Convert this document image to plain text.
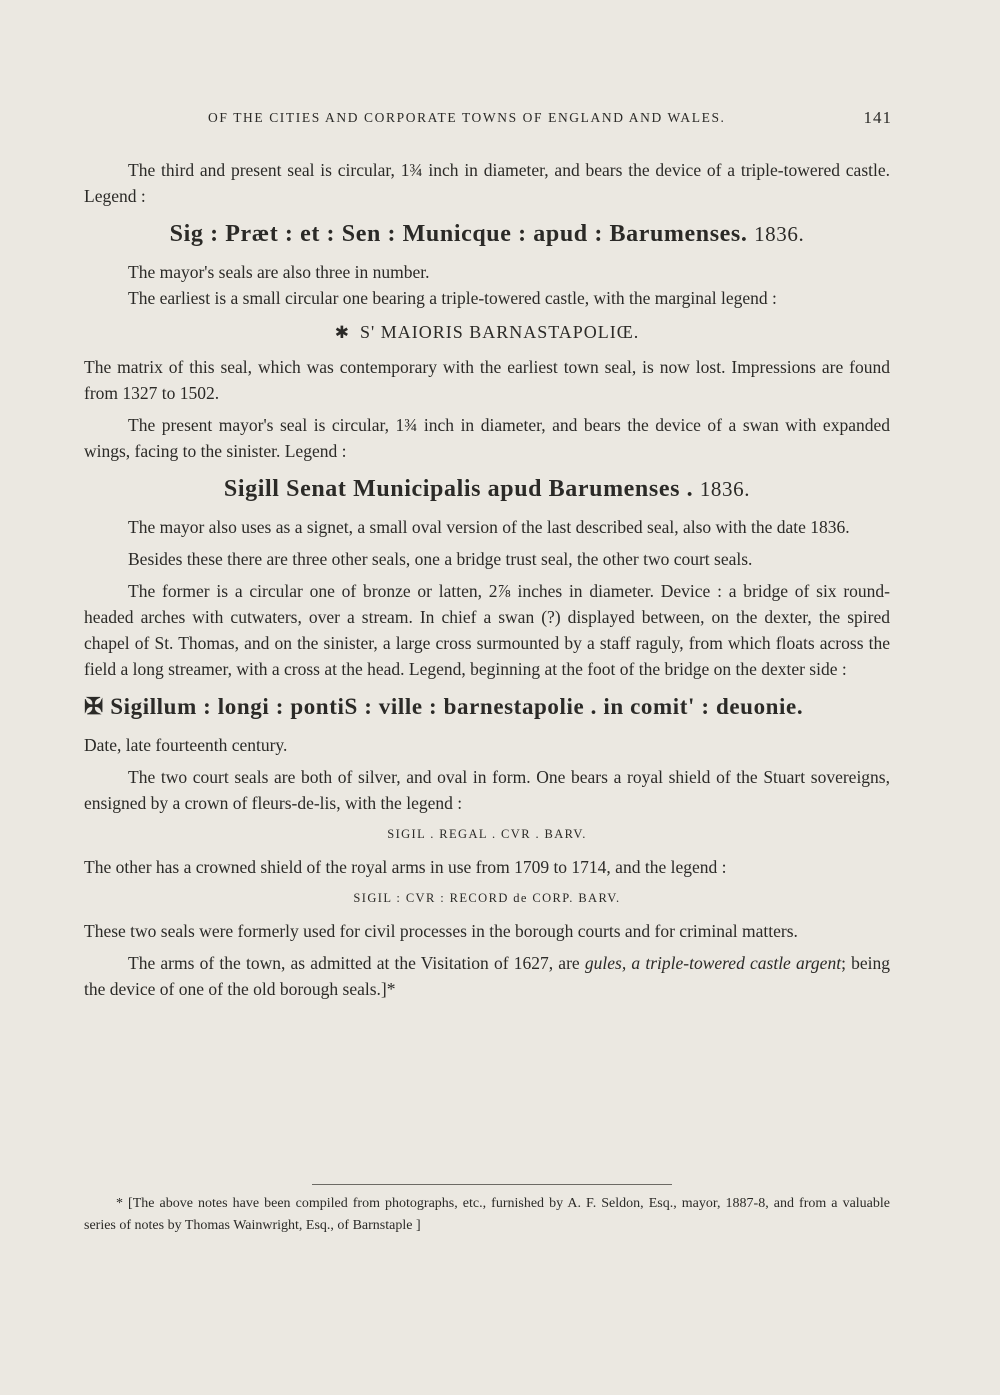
OF THE CITIES AND CORPORATE TOWNS OF ENGLAND AND WALES.	141

The third and present seal is circular, 1¾ inch in diameter, and bears the device of a triple-towered castle. Legend :

Sig : Præt : et : Sen : Municque : apud : Barumenses. 1836.

The mayor's seals are also three in number.

The earliest is a small circular one bearing a triple-towered castle, with the marginal legend :

✱ S' MAIORIS BARNASTAPOLIŒ.

The matrix of this seal, which was contemporary with the earliest town seal, is now lost. Impressions are found from 1327 to 1502.

The present mayor's seal is circular, 1¾ inch in diameter, and bears the device of a swan with expanded wings, facing to the sinister. Legend :

Sigill Senat Municipalis apud Barumenses . 1836.

The mayor also uses as a signet, a small oval version of the last described seal, also with the date 1836.

Besides these there are three other seals, one a bridge trust seal, the other two court seals.

The former is a circular one of bronze or latten, 2⅞ inches in diameter. Device : a bridge of six round-headed arches with cutwaters, over a stream. In chief a swan (?) displayed between, on the dexter, the spired chapel of St. Thomas, and on the sinister, a large cross surmounted by a staff raguly, from which floats across the field a long streamer, with a cross at the head. Legend, beginning at the foot of the bridge on the dexter side :

✠ Sigillum : longi : pontiS : ville : barnestapolie . in comit' : deuonie.

Date, late fourteenth century.

The two court seals are both of silver, and oval in form. One bears a royal shield of the Stuart sovereigns, ensigned by a crown of fleurs-de-lis, with the legend :

SIGIL . REGAL . CVR . BARV.

The other has a crowned shield of the royal arms in use from 1709 to 1714, and the legend :

SIGIL : CVR : RECORD de CORP. BARV.

These two seals were formerly used for civil processes in the borough courts and for criminal matters.

The arms of the town, as admitted at the Visitation of 1627, are gules, a triple-towered castle argent; being the device of one of the old borough seals.]*

* [The above notes have been compiled from photographs, etc., furnished by A. F. Seldon, Esq., mayor, 1887-8, and from a valuable series of notes by Thomas Wainwright, Esq., of Barnstaple ]
